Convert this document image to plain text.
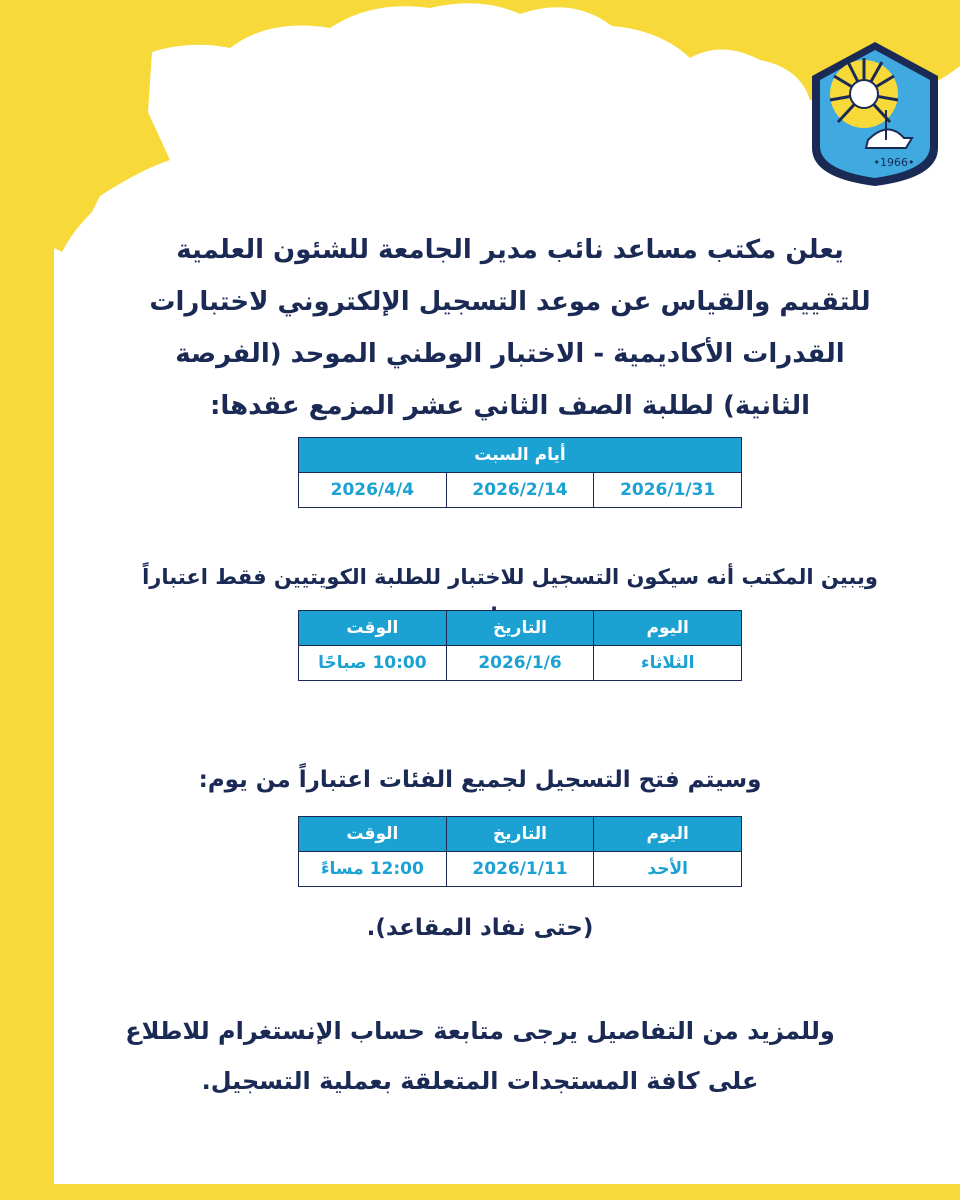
•1966•
يعلن مكتب مساعد نائب مدير الجامعة للشئون العلمية للتقييم والقياس عن موعد التسجيل الإلكتروني لاختبارات القدرات الأكاديمية - الاختبار الوطني الموحد (الفرصة الثانية) لطلبة الصف الثاني عشر المزمع عقدها:
أيام السبت
2026/1/31	2026/2/14	2026/4/4
ويبين المكتب أنه سيكون التسجيل للاختبار للطلبة الكويتيين فقط اعتباراً
اليوم	التاريخ	الوقت
الثلاثاء	2026/1/6	10:00 صباحًا
وسيتم فتح التسجيل لجميع الفئات اعتباراً من يوم:
اليوم	التاريخ	الوقت
الأحد	2026/1/11	12:00 مساءً
(حتى نفاد المقاعد).
وللمزيد من التفاصيل يرجى متابعة حساب الإنستغرام للاطلاع على كافة المستجدات المتعلقة بعملية التسجيل.
